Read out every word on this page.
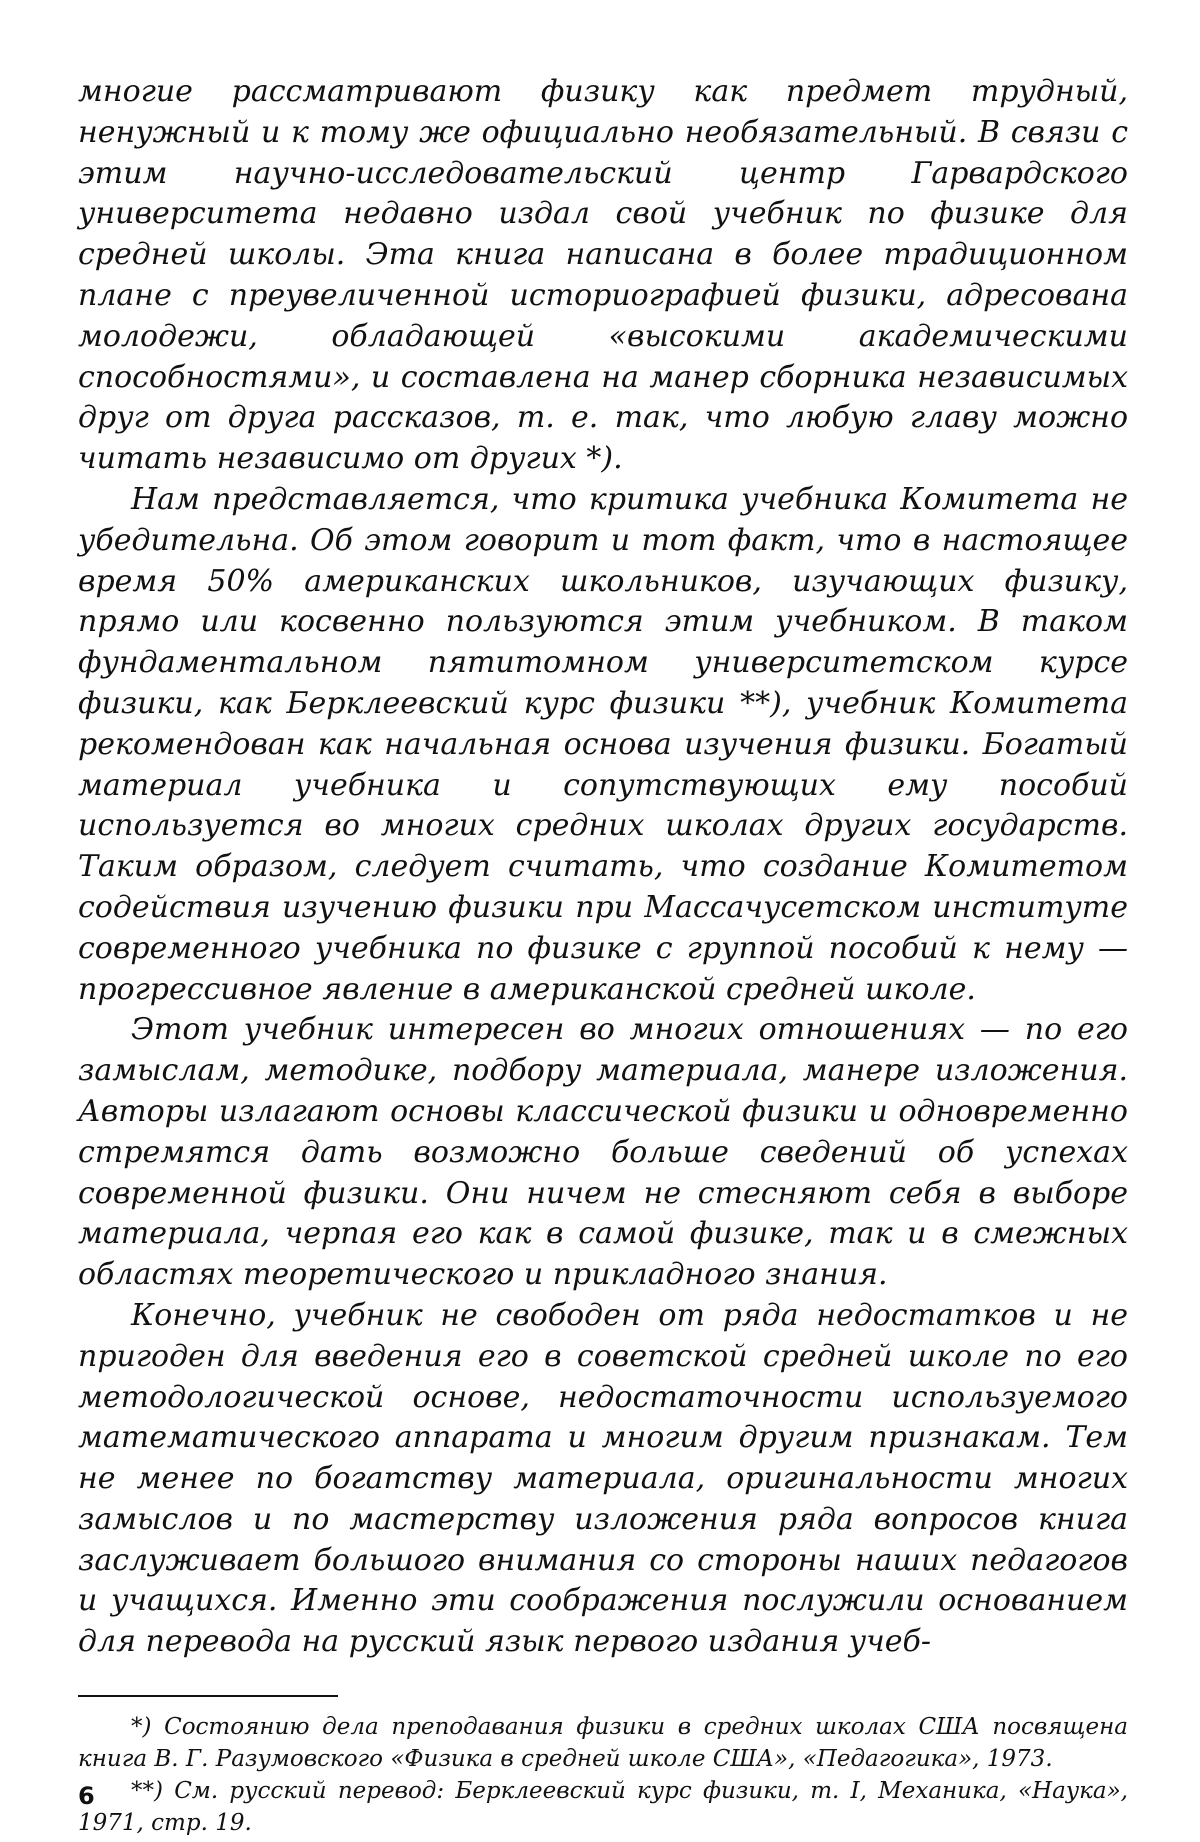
многие рассматривают физику как предмет трудный, ненужный и к тому же официально необязательный. В связи с этим научно-исследовательский центр Гарвардского университета недавно издал свой учебник по физике для средней школы. Эта книга написана в более традиционном плане с преувеличенной историографией физики, адресована молодежи, обладающей «высокими академическими способностями», и составлена на манер сборника независимых друг от друга рассказов, т. е. так, что любую главу можно читать независимо от других *).

Нам представляется, что критика учебника Комитета не убедительна. Об этом говорит и тот факт, что в настоящее время 50% американских школьников, изучающих физику, прямо или косвенно пользуются этим учебником. В таком фундаментальном пятитомном университетском курсе физики, как Берклеевский курс физики **), учебник Комитета рекомендован как начальная основа изучения физики. Богатый материал учебника и сопутствующих ему пособий используется во многих средних школах других государств. Таким образом, следует считать, что создание Комитетом содействия изучению физики при Массачусетском институте современного учебника по физике с группой пособий к нему — прогрессивное явление в американской средней школе.

Этот учебник интересен во многих отношениях — по его замыслам, методике, подбору материала, манере изложения. Авторы излагают основы классической физики и одновременно стремятся дать возможно больше сведений об успехах современной физики. Они ничем не стесняют себя в выборе материала, черпая его как в самой физике, так и в смежных областях теоретического и прикладного знания.

Конечно, учебник не свободен от ряда недостатков и не пригоден для введения его в советской средней школе по его методологической основе, недостаточности используемого математического аппарата и многим другим признакам. Тем не менее по богатству материала, оригинальности многих замыслов и по мастерству изложения ряда вопросов книга заслуживает большого внимания со стороны наших педагогов и учащихся. Именно эти соображения послужили основанием для перевода на русский язык первого издания учеб-

*) Состоянию дела преподавания физики в средних школах США посвящена книга В. Г. Разумовского «Физика в средней школе США», «Педагогика», 1973.

**) См. русский перевод: Берклеевский курс физики, т. I, Механика, «Наука», 1971, стр. 19.

6
